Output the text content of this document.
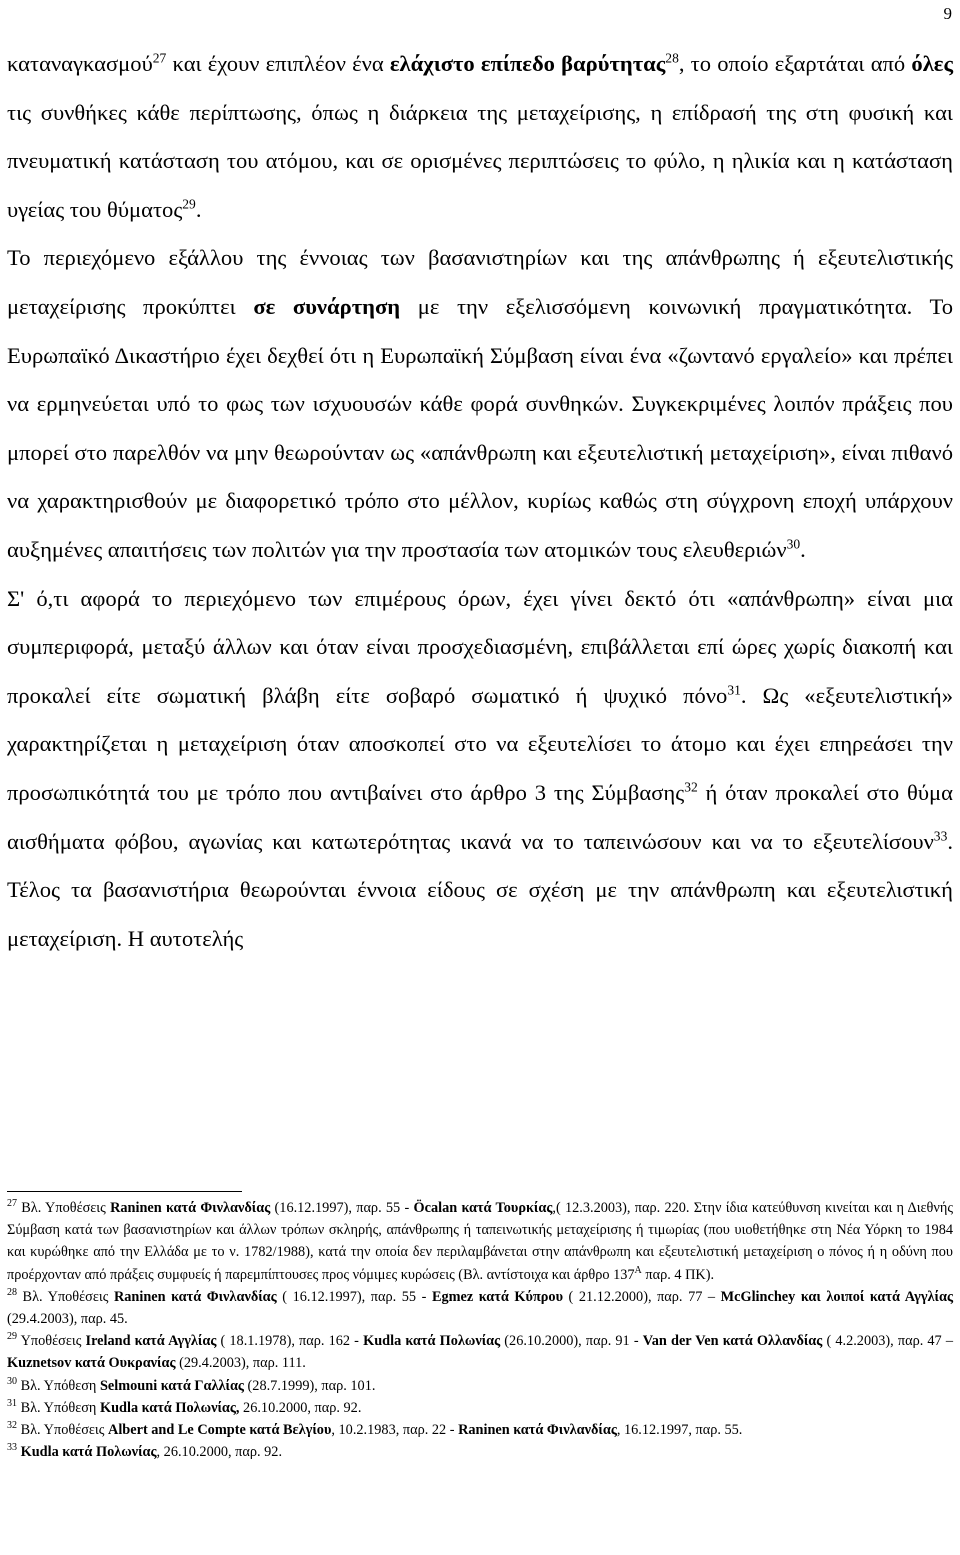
9

καταναγκασμού$^{27}$ και έχουν επιπλέον ένα ελάχιστο επίπεδο βαρύτητας$^{28}$, το οποίο εξαρτάται από όλες τις συνθήκες κάθε περίπτωσης, όπως η διάρκεια της μεταχείρισης, η επίδρασή της στη φυσική και πνευματική κατάσταση του ατόμου, και σε ορισμένες περιπτώσεις το φύλο, η ηλικία και η κατάσταση υγείας του θύματος$^{29}$.

Το περιεχόμενο εξάλλου της έννοιας των βασανιστηρίων και της απάνθρωπης ή εξευτελιστικής μεταχείρισης προκύπτει σε συνάρτηση με την εξελισσόμενη κοινωνική πραγματικότητα. Το Ευρωπαϊκό Δικαστήριο έχει δεχθεί ότι η Ευρωπαϊκή Σύμβαση είναι ένα «ζωντανό εργαλείο» και πρέπει να ερμηνεύεται υπό το φως των ισχυουσών κάθε φορά συνθηκών. Συγκεκριμένες λοιπόν πράξεις που μπορεί στο παρελθόν να μην θεωρούνταν ως «απάνθρωπη και εξευτελιστική μεταχείριση», είναι πιθανό να χαρακτηρισθούν με διαφορετικό τρόπο στο μέλλον, κυρίως καθώς στη σύγχρονη εποχή υπάρχουν αυξημένες απαιτήσεις των πολιτών για την προστασία των ατομικών τους ελευθεριών$^{30}$.

Σ' ό,τι αφορά το περιεχόμενο των επιμέρους όρων, έχει γίνει δεκτό ότι «απάνθρωπη» είναι μια συμπεριφορά, μεταξύ άλλων και όταν είναι προσχεδιασμένη, επιβάλλεται επί ώρες χωρίς διακοπή και προκαλεί είτε σωματική βλάβη είτε σοβαρό σωματικό ή ψυχικό πόνο$^{31}$. Ως «εξευτελιστική» χαρακτηρίζεται η μεταχείριση όταν αποσκοπεί στο να εξευτελίσει το άτομο και έχει επηρεάσει την προσωπικότητά του με τρόπο που αντιβαίνει στο άρθρο 3 της Σύμβασης$^{32}$ ή όταν προκαλεί στο θύμα αισθήματα φόβου, αγωνίας και κατωτερότητας ικανά να το ταπεινώσουν και να το εξευτελίσουν$^{33}$. Τέλος τα βασανιστήρια θεωρούνται έννοια είδους σε σχέση με την απάνθρωπη και εξευτελιστική μεταχείριση. Η αυτοτελής

$^{27}$ Βλ. Υποθέσεις Raninen κατά Φινλανδίας (16.12.1997), παρ. 55 - Öcalan κατά Τουρκίας,( 12.3.2003), παρ. 220. Στην ίδια κατεύθυνση κινείται και η Διεθνής Σύμβαση κατά των βασανιστηρίων και άλλων τρόπων σκληρής, απάνθρωπης ή ταπεινωτικής μεταχείρισης ή τιμωρίας (που υιοθετήθηκε στη Νέα Υόρκη το 1984 και κυρώθηκε από την Ελλάδα με το ν. 1782/1988), κατά την οποία δεν περιλαμβάνεται στην απάνθρωπη και εξευτελιστική μεταχείριση ο πόνος ή η οδύνη που προέρχονταν από πράξεις συμφυείς ή παρεμπίπτουσες προς νόμιμες κυρώσεις (Βλ. αντίστοιχα και άρθρο $137^A$ παρ. 4 ΠΚ).

$^{28}$ Βλ. Υποθέσεις Raninen κατά Φινλανδίας ( 16.12.1997), παρ. 55 - Egmez κατά Κύπρου ( 21.12.2000), παρ. 77 – McGlinchey και λοιποί κατά Αγγλίας (29.4.2003), παρ. 45.

$^{29}$ Υποθέσεις Ireland κατά Αγγλίας ( 18.1.1978), παρ. 162 - Kudla κατά Πολωνίας (26.10.2000), παρ. 91 - Van der Ven κατά Ολλανδίας ( 4.2.2003), παρ. 47 – Kuznetsov κατά Ουκρανίας (29.4.2003), παρ. 111.

$^{30}$ Βλ. Υπόθεση Selmouni κατά Γαλλίας (28.7.1999), παρ. 101.

$^{31}$ Βλ. Υπόθεση Kudla κατά Πολωνίας, 26.10.2000, παρ. 92.

$^{32}$ Βλ. Υποθέσεις Albert and Le Compte κατά Βελγίου, 10.2.1983, παρ. 22 - Raninen κατά Φινλανδίας, 16.12.1997, παρ. 55.

$^{33}$ Kudla κατά Πολωνίας, 26.10.2000, παρ. 92.
